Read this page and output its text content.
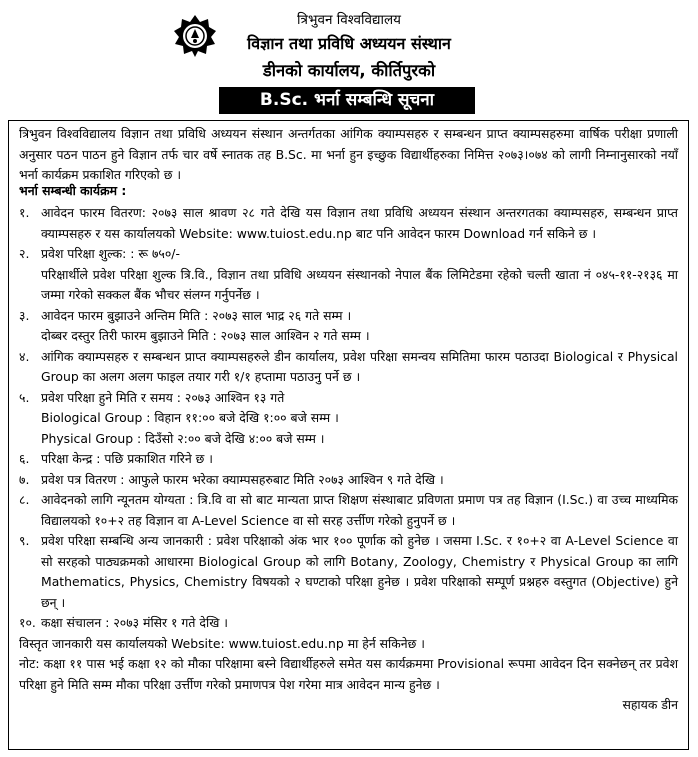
त्रिभुवन विश्वविद्यालय
विज्ञान तथा प्रविधि अध्ययन संस्थान
डीनको कार्यालय, कीर्तिपुरको
B.Sc. भर्ना सम्बन्धि सूचना
त्रिभुवन विश्वविद्यालय विज्ञान तथा प्रविधि अध्ययन संस्थान अन्तर्गतका आंगिक क्याम्पसहरु र सम्बन्धन प्राप्त क्याम्पसहरुमा वार्षिक परीक्षा प्रणाली अनुसार पठन पाठन हुने विज्ञान तर्फ चार वर्षे स्नातक तह B.Sc. मा भर्ना हुन इच्छुक विद्यार्थीहरुका निमित्त २०७३।०७४ को लागी निम्नानुसारको नयाँ भर्ना कार्यक्रम प्रकाशित गरिएको छ ।
भर्ना सम्बन्धी कार्यक्रम :
१. आवेदन फारम वितरण: २०७३ साल श्रावण २८ गते देखि यस विज्ञान तथा प्रविधि अध्ययन संस्थान अन्तरगतका क्याम्पसहरु, सम्बन्धन प्राप्त क्याम्पसहरु र यस कार्यालयको Website: www.tuiost.edu.np बाट पनि आवेदन फारम Download गर्न सकिने छ ।
२. प्रवेश परिक्षा शुल्क: : रू ७५०/-
परिक्षार्थीले प्रवेश परिक्षा शुल्क त्रि.वि., विज्ञान तथा प्रविधि अध्ययन संस्थानको नेपाल बैंक लिमिटेडमा रहेको चल्ती खाता नं ०४५-११-२१३६ मा जम्मा गरेको सक्कल बैंक भौचर संलग्न गर्नुपर्नेछ ।
३. आवेदन फारम बुझाउने अन्तिम मिति : २०७३ साल भाद्र २६ गते सम्म ।
दोब्बर दस्तुर तिरी फारम बुझाउने मिति : २०७३ साल आश्विन २ गते सम्म ।
४. आंगिक क्याम्पसहरु र सम्बन्धन प्राप्त क्याम्पसहरुले डीन कार्यालय, प्रवेश परिक्षा समन्वय समितिमा फारम पठाउदा Biological र Physical Group का अलग अलग फाइल तयार गरी १/१ हप्तामा पठाउनु पर्ने छ ।
५. प्रवेश परिक्षा हुने मिति र समय : २०७३ आश्विन १३ गते
Biological Group : विहान ११:०० बजे देखि १:०० बजे सम्म ।
Physical Group : दिउँसो २:०० बजे देखि ४:०० बजे सम्म ।
६. परिक्षा केन्द्र : पछि प्रकाशित गरिने छ ।
७. प्रवेश पत्र वितरण : आफुले फारम भरेका क्याम्पसहरुबाट मिति २०७३ आश्विन ९ गते देखि ।
८. आवेदनको लागि न्यूनतम योग्यता : त्रि.वि वा सो बाट मान्यता प्राप्त शिक्षण संस्थाबाट प्रविणता प्रमाण पत्र तह विज्ञान (I.Sc.) वा उच्च माध्यमिक विद्यालयको १०+२ तह विज्ञान वा A-Level Science वा सो सरह उर्त्तीण गरेको हुनुपर्ने छ ।
९. प्रवेश परिक्षा सम्बन्धि अन्य जानकारी : प्रवेश परिक्षाको अंक भार १०० पूर्णाक को हुनेछ । जसमा I.Sc. र १०+२ वा A-Level Science वा सो सरहको पाठ्यक्रमको आधारमा Biological Group को लागि Botany, Zoology, Chemistry र Physical Group का लागि Mathematics, Physics, Chemistry विषयको २ घण्टाको परिक्षा हुनेछ । प्रवेश परिक्षाको सम्पूर्ण प्रश्नहरु वस्तुगत (Objective) हुने छन् ।
१०. कक्षा संचालन : २०७३ मंसिर १ गते देखि ।
विस्तृत जानकारी यस कार्यालयको Website: www.tuiost.edu.np मा हेर्न सकिनेछ ।
नोट: कक्षा ११ पास भई कक्षा १२ को मौका परिक्षामा बस्ने विद्यार्थीहरुले समेत यस कार्यक्रममा Provisional रूपमा आवेदन दिन सक्नेछन् तर प्रवेश परिक्षा हुने मिति सम्म मौका परिक्षा उर्त्तीण गरेको प्रमाणपत्र पेश गरेमा मात्र आवेदन मान्य हुनेछ ।
सहायक डीन
